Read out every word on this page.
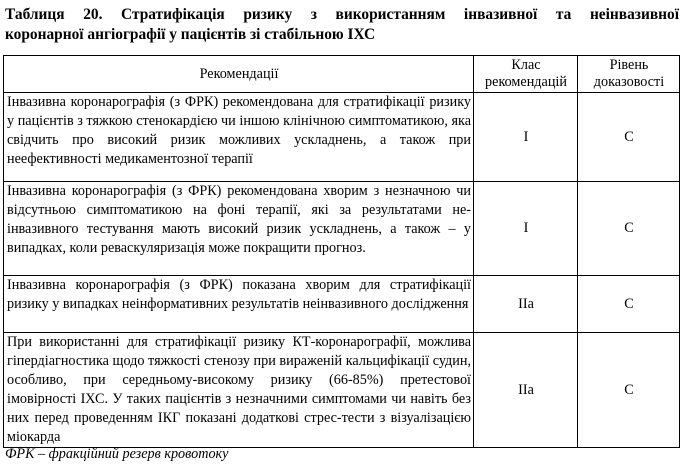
Таблиця 20. Стратифікація ризику з використанням інвазивної та неінвазивної
коронарної ангіографії у пацієнтів зі стабільною ІХС
Рекомендації	Клас рекомендацій	Рівень доказовості
Інвазивна коронарографія (з ФРК) рекомендована для стратифікації ризику у пацієнтів з тяжкою стенокардією чи іншою клінічною симптоматикою, яка свідчить про високий ризик можливих ускладнень, а також при неефективності медикаментозної терапії	I	C
Інвазивна коронарографія (з ФРК) рекомендована хворим з незначною чи відсутньою симптоматикою на фоні терапії, які за результатами не-інвазивного тестування мають високий ризик ускладнень, а також – у випадках, коли реваскуляризація може покращити прогноз.	I	C
Інвазивна коронарографія (з ФРК) показана хворим для стратифікації ризику у випадках неінформативних результатів неінвазивного дослідження	IIa	C
При використанні для стратифікації ризику КТ-коронарографії, можлива гіпердіагностика щодо тяжкості стенозу при вираженій кальцифікації судин, особливо, при середньому-високому ризику (66-85%) претестової імовірності ІХС. У таких пацієнтів з незначними симптомами чи навіть без них перед проведенням ІКГ показані додаткові стрес-тести з візуалізацією міокарда	IIa	C
ФРК – фракційний резерв кровотоку
